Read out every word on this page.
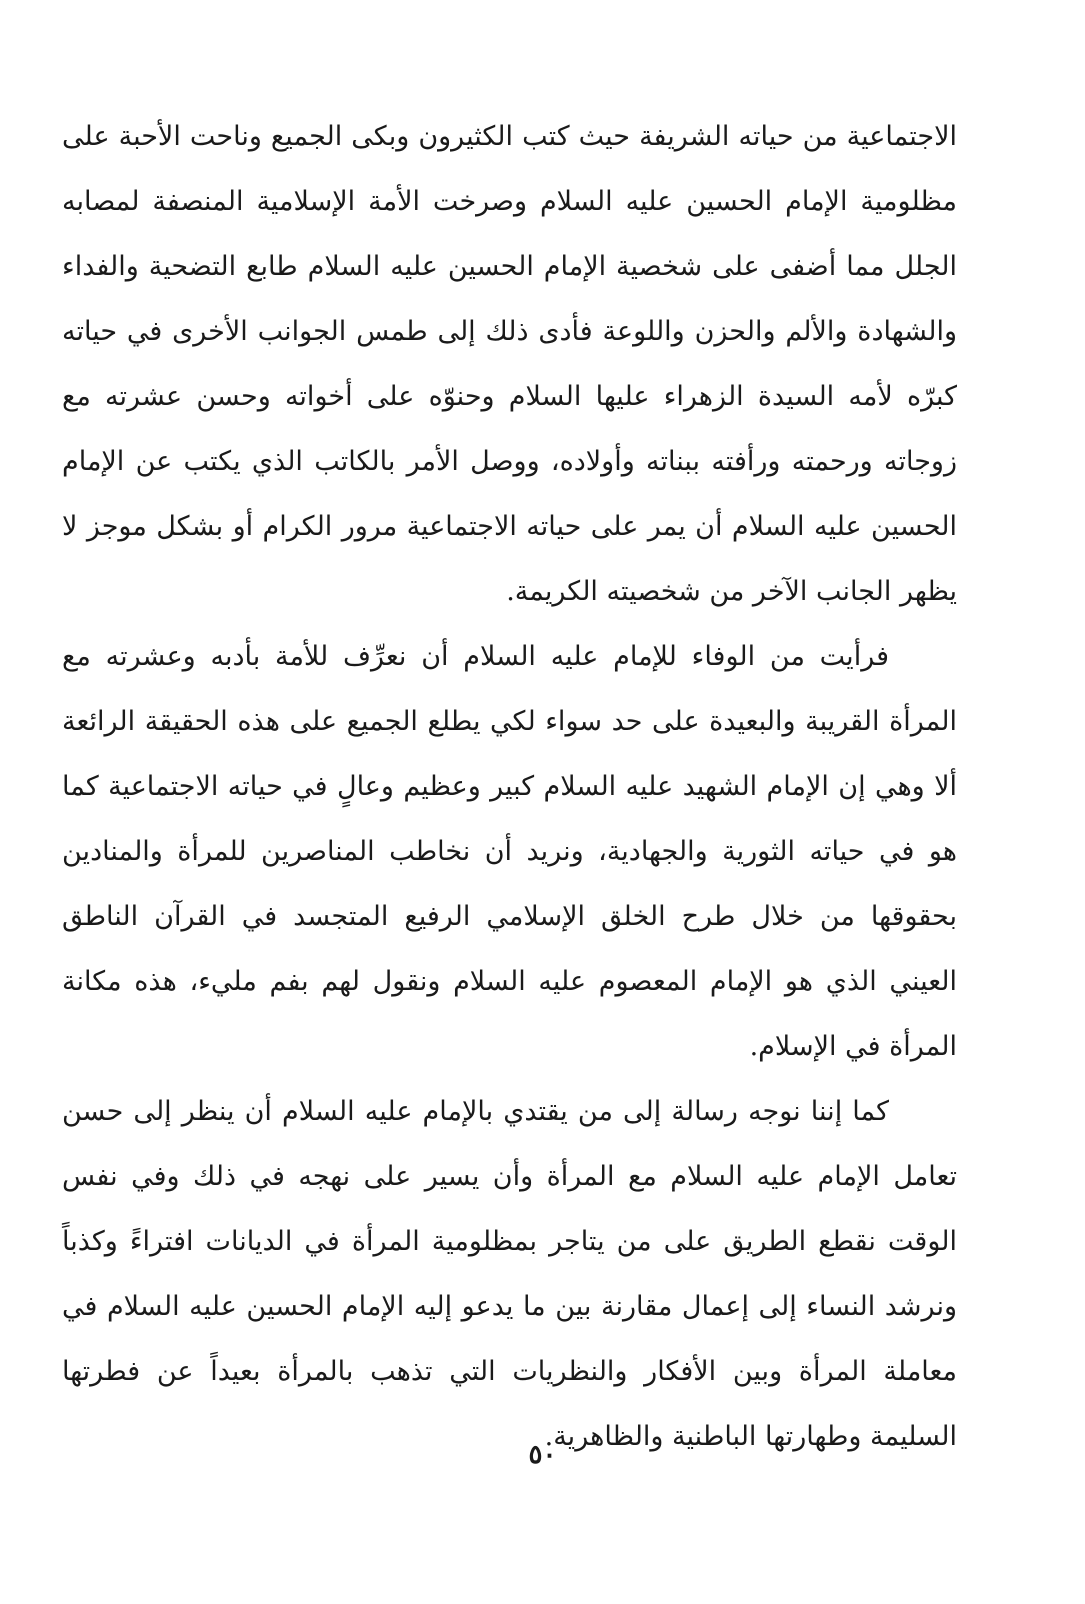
الاجتماعية من حياته الشريفة حيث كتب الكثيرون وبكى الجميع وناحت الأحبة على مظلومية الإمام الحسين عليه السلام وصرخت الأمة الإسلامية المنصفة لمصابه الجلل مما أضفى على شخصية الإمام الحسين عليه السلام طابع التضحية والفداء والشهادة والألم والحزن واللوعة فأدى ذلك إلى طمس الجوانب الأخرى في حياته كبرّه لأمه السيدة الزهراء عليها السلام وحنوّه على أخواته وحسن عشرته مع زوجاته ورحمته ورأفته ببناته وأولاده، ووصل الأمر بالكاتب الذي يكتب عن الإمام الحسين عليه السلام أن يمر على حياته الاجتماعية مرور الكرام أو بشكل موجز لا يظهر الجانب الآخر من شخصيته الكريمة.

فرأيت من الوفاء للإمام عليه السلام أن نعرِّف للأمة بأدبه وعشرته مع المرأة القريبة والبعيدة على حد سواء لكي يطلع الجميع على هذه الحقيقة الرائعة ألا وهي إن الإمام الشهيد عليه السلام كبير وعظيم وعالٍ في حياته الاجتماعية كما هو في حياته الثورية والجهادية، ونريد أن نخاطب المناصرين للمرأة والمنادين بحقوقها من خلال طرح الخلق الإسلامي الرفيع المتجسد في القرآن الناطق العيني الذي هو الإمام المعصوم عليه السلام ونقول لهم بفم مليء، هذه مكانة المرأة في الإسلام.

كما إننا نوجه رسالة إلى من يقتدي بالإمام عليه السلام أن ينظر إلى حسن تعامل الإمام عليه السلام مع المرأة وأن يسير على نهجه في ذلك وفي نفس الوقت نقطع الطريق على من يتاجر بمظلومية المرأة في الديانات افتراءً وكذباً ونرشد النساء إلى إعمال مقارنة بين ما يدعو إليه الإمام الحسين عليه السلام في معاملة المرأة وبين الأفكار والنظريات التي تذهب بالمرأة بعيداً عن فطرتها السليمة وطهارتها الباطنية والظاهرية.

٥٠
